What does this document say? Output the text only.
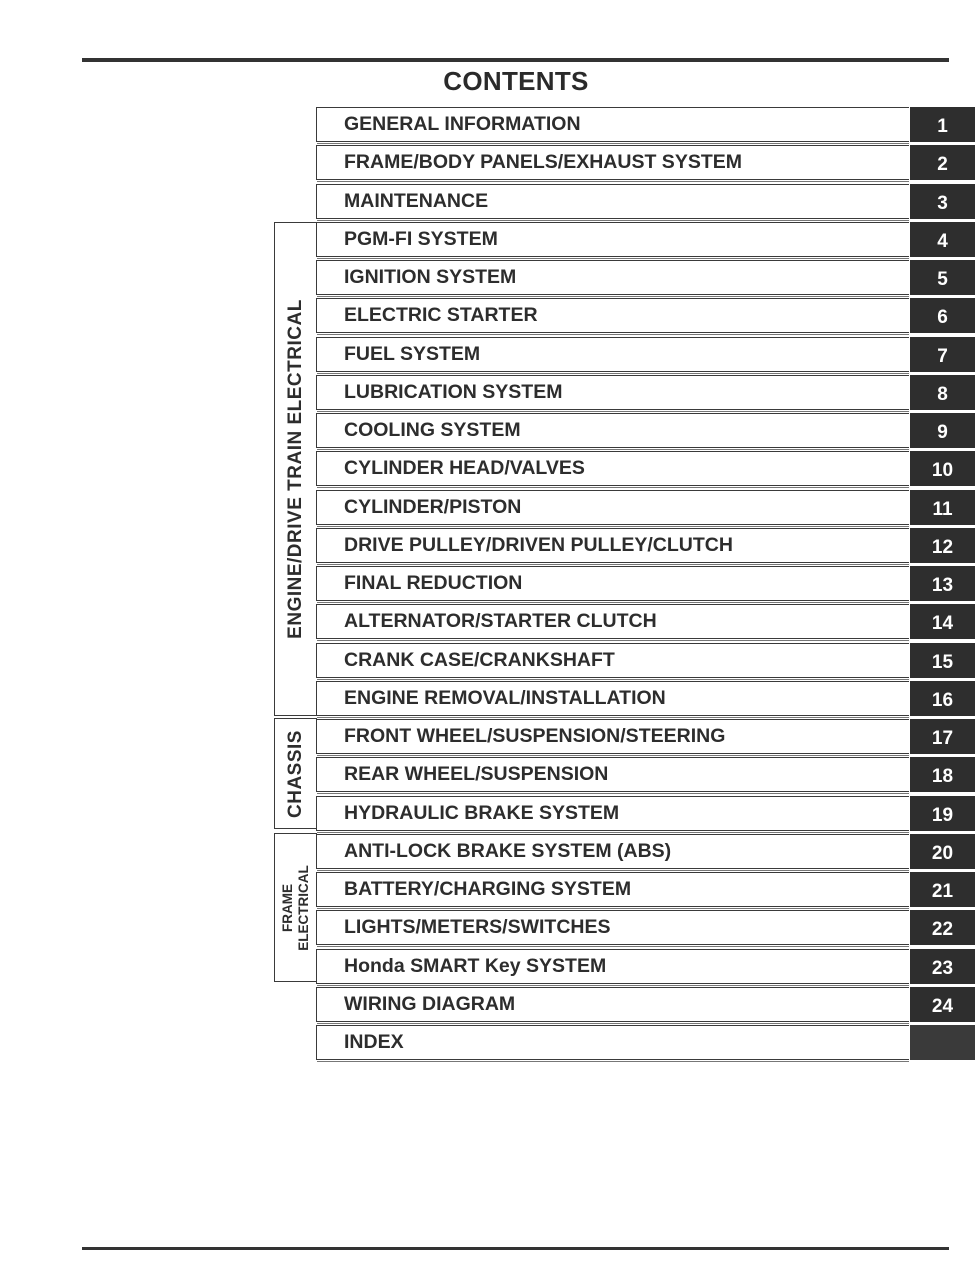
CONTENTS
ENGINE/DRIVE TRAIN ELECTRICAL
CHASSIS
FRAME ELECTRICAL
GENERAL INFORMATION	1
FRAME/BODY PANELS/EXHAUST SYSTEM	2
MAINTENANCE	3
PGM-FI SYSTEM	4
IGNITION SYSTEM	5
ELECTRIC STARTER	6
FUEL SYSTEM	7
LUBRICATION SYSTEM	8
COOLING SYSTEM	9
CYLINDER HEAD/VALVES	10
CYLINDER/PISTON	11
DRIVE PULLEY/DRIVEN PULLEY/CLUTCH	12
FINAL REDUCTION	13
ALTERNATOR/STARTER CLUTCH	14
CRANK CASE/CRANKSHAFT	15
ENGINE REMOVAL/INSTALLATION	16
FRONT WHEEL/SUSPENSION/STEERING	17
REAR WHEEL/SUSPENSION	18
HYDRAULIC BRAKE SYSTEM	19
ANTI-LOCK BRAKE SYSTEM (ABS)	20
BATTERY/CHARGING SYSTEM	21
LIGHTS/METERS/SWITCHES	22
Honda SMART Key SYSTEM	23
WIRING DIAGRAM	24
INDEX
